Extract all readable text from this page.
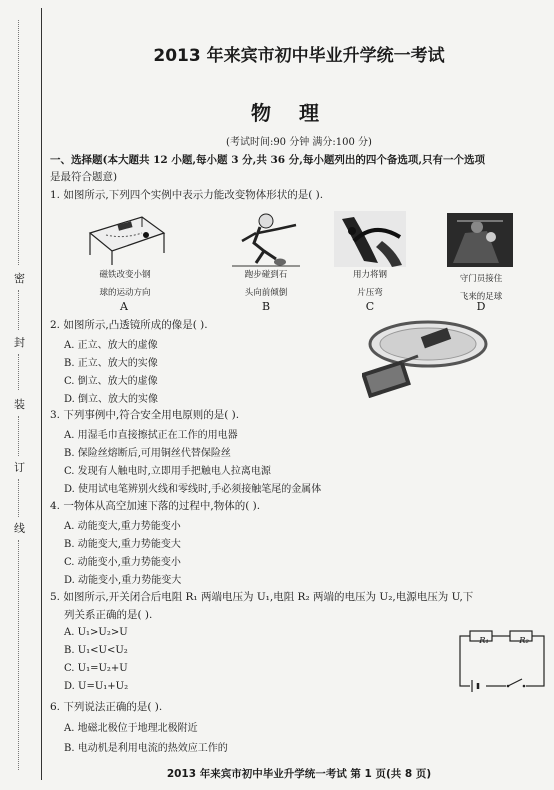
密
封
装
订
线
2013 年来宾市初中毕业升学统一考试
物理
(考试时间:90 分钟 满分:100 分)
一、选择题(本大题共 12 小题,每小题 3 分,共 36 分,每小题列出的四个备选项,只有一个选项
是最符合题意)
1. 如图所示,下列四个实例中表示力能改变物体形状的是( ).
磁铁改变小钢
球的运动方向
A
跑步碰到石
头向前倾倒
B
用力将钢
片压弯
C
守门员接住
飞来的足球
D
2. 如图所示,凸透镜所成的像是( ).
A. 正立、放大的虚像
B. 正立、放大的实像
C. 倒立、放大的虚像
D. 倒立、放大的实像
3. 下列事例中,符合安全用电原则的是( ).
A. 用湿毛巾直接擦拭正在工作的用电器
B. 保险丝熔断后,可用铜丝代替保险丝
C. 发现有人触电时,立即用手把触电人拉离电源
D. 使用试电笔辨别火线和零线时,手必须接触笔尾的金属体
4. 一物体从高空加速下落的过程中,物体的( ).
A. 动能变大,重力势能变小
B. 动能变大,重力势能变大
C. 动能变小,重力势能变小
D. 动能变小,重力势能变大
5. 如图所示,开关闭合后电阻 R₁ 两端电压为 U₁,电阻 R₂ 两端的电压为 U₂,电源电压为 U,下
列关系正确的是( ).
A. U₁>U₂>U
B. U₁<U<U₂
C. U₁=U₂+U
D. U=U₁+U₂
R₁	R₂
6. 下列说法正确的是( ).
A. 地磁北极位于地理北极附近
B. 电动机是利用电流的热效应工作的
2013 年来宾市初中毕业升学统一考试 第 1 页(共 8 页)
